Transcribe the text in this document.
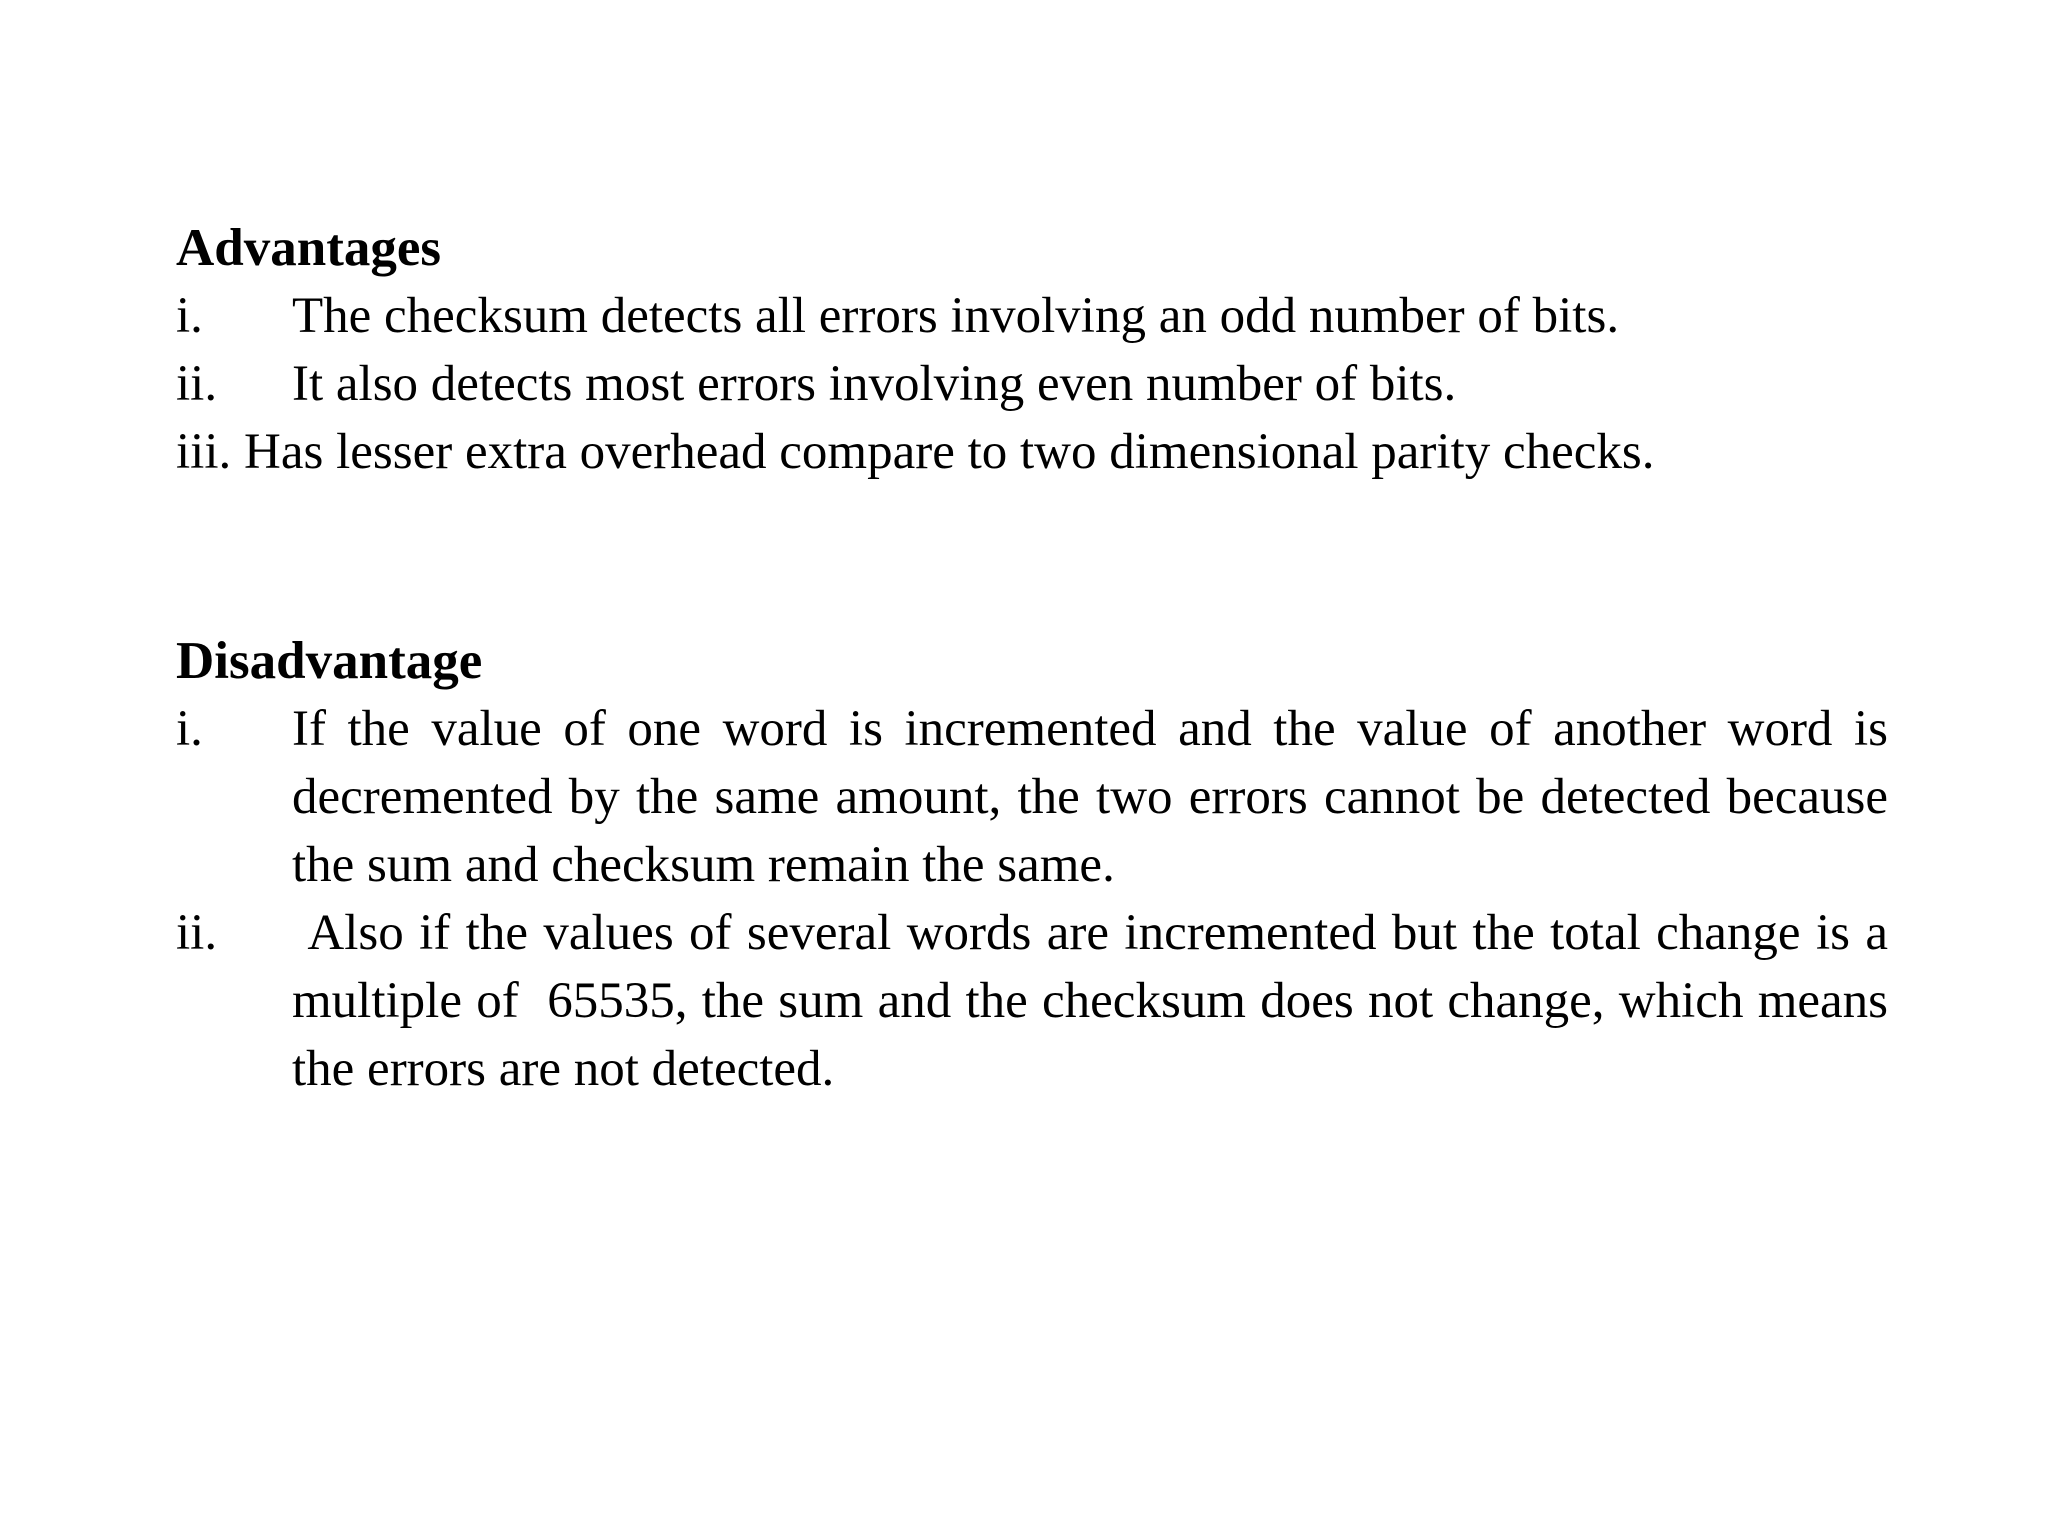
Advantages
i.	The checksum detects all errors involving an odd number of bits.
ii.	It also detects most errors involving even number of bits.
iii. Has lesser extra overhead compare to two dimensional parity checks.
Disadvantage
i.	If the value of one word is incremented and the value of another word is decremented by the same amount, the two errors cannot be detected because the sum and checksum remain the same.
ii.	Also if the values of several words are incremented but the total change is a multiple of  65535, the sum and the checksum does not change, which means the errors are not detected.
